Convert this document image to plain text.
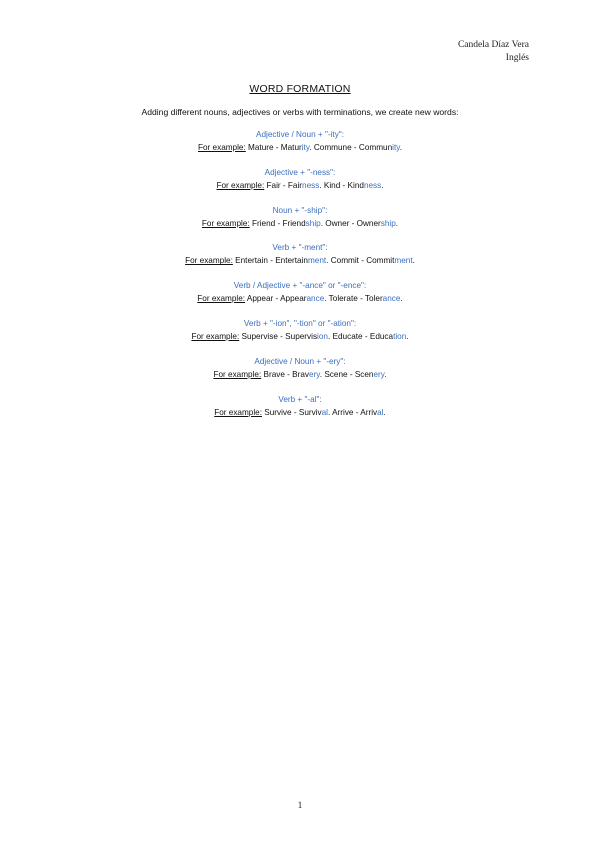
Candela Díaz Vera
Inglés
WORD FORMATION
Adding different nouns, adjectives or verbs with terminations, we create new words:
Adjective / Noun + "-ity":
For example: Mature - Maturity. Commune - Community.
Adjective + "-ness":
For example: Fair - Fairness. Kind - Kindness.
Noun + "-ship":
For example: Friend - Friendship. Owner - Ownership.
Verb + "-ment":
For example: Entertain - Entertainment. Commit - Commitment.
Verb / Adjective + "-ance" or "-ence":
For example: Appear - Appearance. Tolerate - Tolerance.
Verb + "-ion", "-tion" or "-ation":
For example: Supervise - Supervision. Educate - Education.
Adjective / Noun + "-ery":
For example: Brave - Bravery. Scene - Scenery.
Verb + "-al":
For example: Survive - Survival. Arrive - Arrival.
1
